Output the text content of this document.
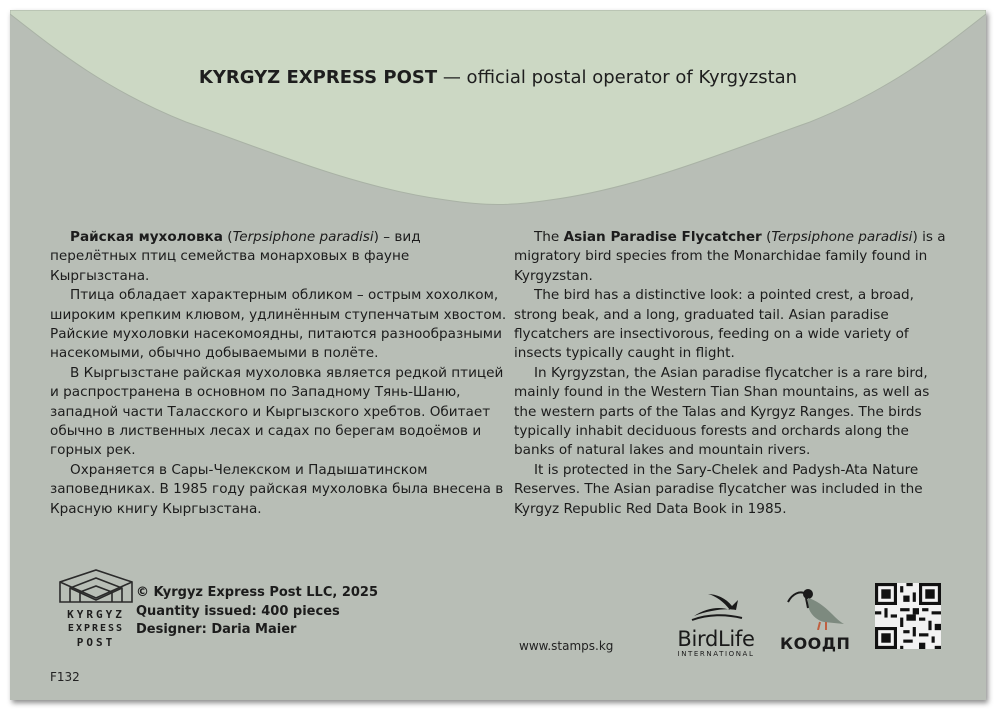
KYRGYZ EXPRESS POST — official postal operator of Kyrgyzstan

Райская мухоловка (Terpsiphone paradisi) – вид перелётных птиц семейства монарховых в фауне Кыргызстана.

Птица обладает характерным обликом – острым хохолком, широким крепким клювом, удлинённым ступенчатым хвостом. Райские мухоловки насекомоядны, питаются разнообразными насекомыми, обычно добываемыми в полёте.

В Кыргызстане райская мухоловка является редкой птицей и распространена в основном по Западному Тянь-Шаню, западной части Таласского и Кыргызского хребтов. Обитает обычно в лиственных лесах и садах по берегам водоёмов и горных рек.

Охраняется в Сары-Челекском и Падышатинском заповедниках. В 1985 году райская мухоловка была внесена в Красную книгу Кыргызстана.

The Asian Paradise Flycatcher (Terpsiphone paradisi) is a migratory bird species from the Monarchidae family found in Kyrgyzstan.

The bird has a distinctive look: a pointed crest, a broad, strong beak, and a long, graduated tail. Asian paradise flycatchers are insectivorous, feeding on a wide variety of insects typically caught in flight.

In Kyrgyzstan, the Asian paradise flycatcher is a rare bird, mainly found in the Western Tian Shan mountains, as well as the western parts of the Talas and Kyrgyz Ranges. The birds typically inhabit deciduous forests and orchards along the banks of natural lakes and mountain rivers.

It is protected in the Sary-Chelek and Padysh-Ata Nature Reserves. The Asian paradise flycatcher was included in the Kyrgyz Republic Red Data Book in 1985.

KYRGYZ
EXPRESS
POST
© Kyrgyz Express Post LLC, 2025
Quantity issued: 400 pieces
Designer: Daria Maier
F132
www.stamps.kg	BirdLife
INTERNATIONAL
КООДП
